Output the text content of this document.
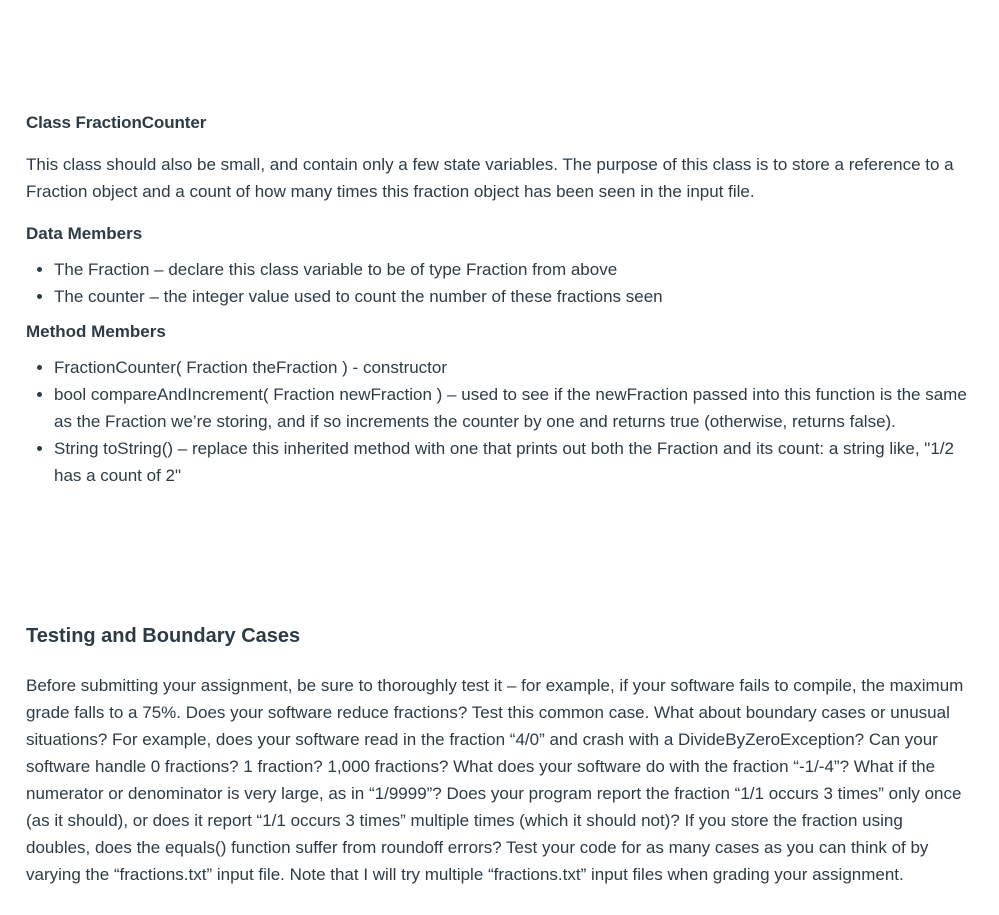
Class FractionCounter

This class should also be small, and contain only a few state variables. The purpose of this class is to store a reference to a Fraction object and a count of how many times this fraction object has been seen in the input file.

Data Members
• The Fraction – declare this class variable to be of type Fraction from above
• The counter – the integer value used to count the number of these fractions seen
Method Members
• FractionCounter( Fraction theFraction ) - constructor
• bool compareAndIncrement( Fraction newFraction ) – used to see if the newFraction passed into this function is the same as the Fraction we’re storing, and if so increments the counter by one and returns true (otherwise, returns false).
• String toString() – replace this inherited method with one that prints out both the Fraction and its count: a string like, "1/2 has a count of 2"
Testing and Boundary Cases

Before submitting your assignment, be sure to thoroughly test it – for example, if your software fails to compile, the maximum grade falls to a 75%. Does your software reduce fractions? Test this common case. What about boundary cases or unusual situations? For example, does your software read in the fraction “4/0” and crash with a DivideByZeroException? Can your software handle 0 fractions? 1 fraction? 1,000 fractions? What does your software do with the fraction “-1/-4”? What if the numerator or denominator is very large, as in “1/9999”? Does your program report the fraction “1/1 occurs 3 times” only once (as it should), or does it report “1/1 occurs 3 times” multiple times (which it should not)? If you store the fraction using doubles, does the equals() function suffer from roundoff errors? Test your code for as many cases as you can think of by varying the “fractions.txt” input file. Note that I will try multiple “fractions.txt” input files when grading your assignment.
